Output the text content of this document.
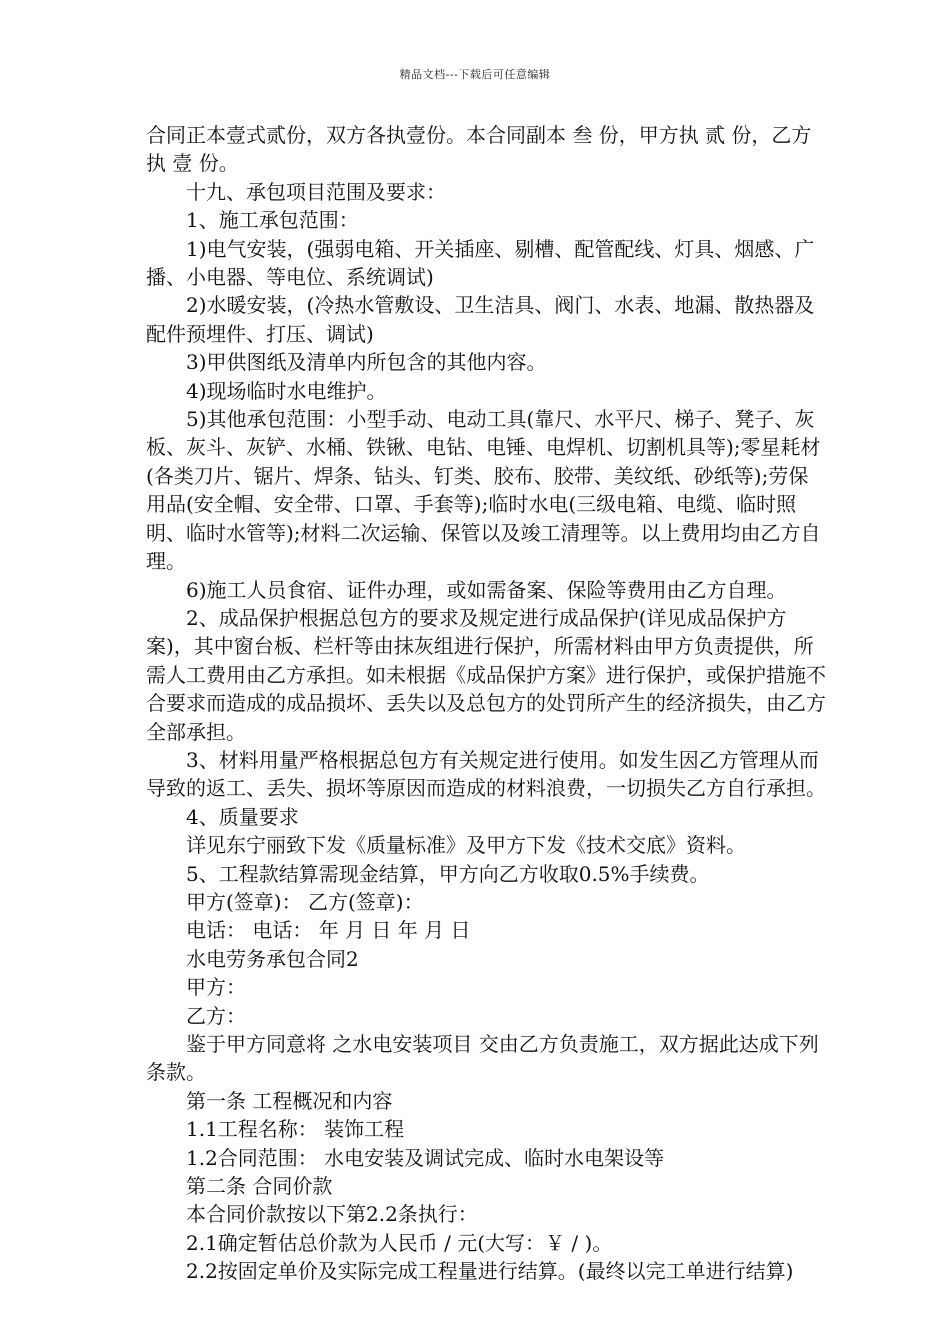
精品文档---下载后可任意编辑

合同正本壹式贰份，双方各执壹份。本合同副本 叁 份，甲方执 贰 份，乙方执 壹 份。

十九、承包项目范围及要求：

1、施工承包范围：

1)电气安装，(强弱电箱、开关插座、剔槽、配管配线、灯具、烟感、广播、小电器、等电位、系统调试)

2)水暖安装，(冷热水管敷设、卫生洁具、阀门、水表、地漏、散热器及配件预埋件、打压、调试)

3)甲供图纸及清单内所包含的其他内容。

4)现场临时水电维护。

5)其他承包范围：小型手动、电动工具(靠尺、水平尺、梯子、凳子、灰板、灰斗、灰铲、水桶、铁锹、电钻、电锤、电焊机、切割机具等);零星耗材(各类刀片、锯片、焊条、钻头、钉类、胶布、胶带、美纹纸、砂纸等);劳保用品(安全帽、安全带、口罩、手套等);临时水电(三级电箱、电缆、临时照明、临时水管等);材料二次运输、保管以及竣工清理等。以上费用均由乙方自理。

6)施工人员食宿、证件办理，或如需备案、保险等费用由乙方自理。

2、成品保护根据总包方的要求及规定进行成品保护(详见成品保护方案)，其中窗台板、栏杆等由抹灰组进行保护，所需材料由甲方负责提供，所需人工费用由乙方承担。如未根据《成品保护方案》进行保护，或保护措施不合要求而造成的成品损坏、丢失以及总包方的处罚所产生的经济损失，由乙方全部承担。

3、材料用量严格根据总包方有关规定进行使用。如发生因乙方管理从而导致的返工、丢失、损坏等原因而造成的材料浪费，一切损失乙方自行承担。

4、质量要求

详见东宁丽致下发《质量标准》及甲方下发《技术交底》资料。

5、工程款结算需现金结算，甲方向乙方收取0.5%手续费。

甲方(签章)： 乙方(签章)：

电话： 电话： 年 月 日 年 月 日

水电劳务承包合同2

甲方：

乙方：

鉴于甲方同意将 之水电安装项目 交由乙方负责施工，双方据此达成下列条款。

第一条 工程概况和内容

1.1工程名称： 装饰工程

1.2合同范围： 水电安装及调试完成、临时水电架设等

第二条 合同价款

本合同价款按以下第2.2条执行：

2.1确定暂估总价款为人民币 / 元(大写：￥ / )。

2.2按固定单价及实际完成工程量进行结算。(最终以完工单进行结算)
